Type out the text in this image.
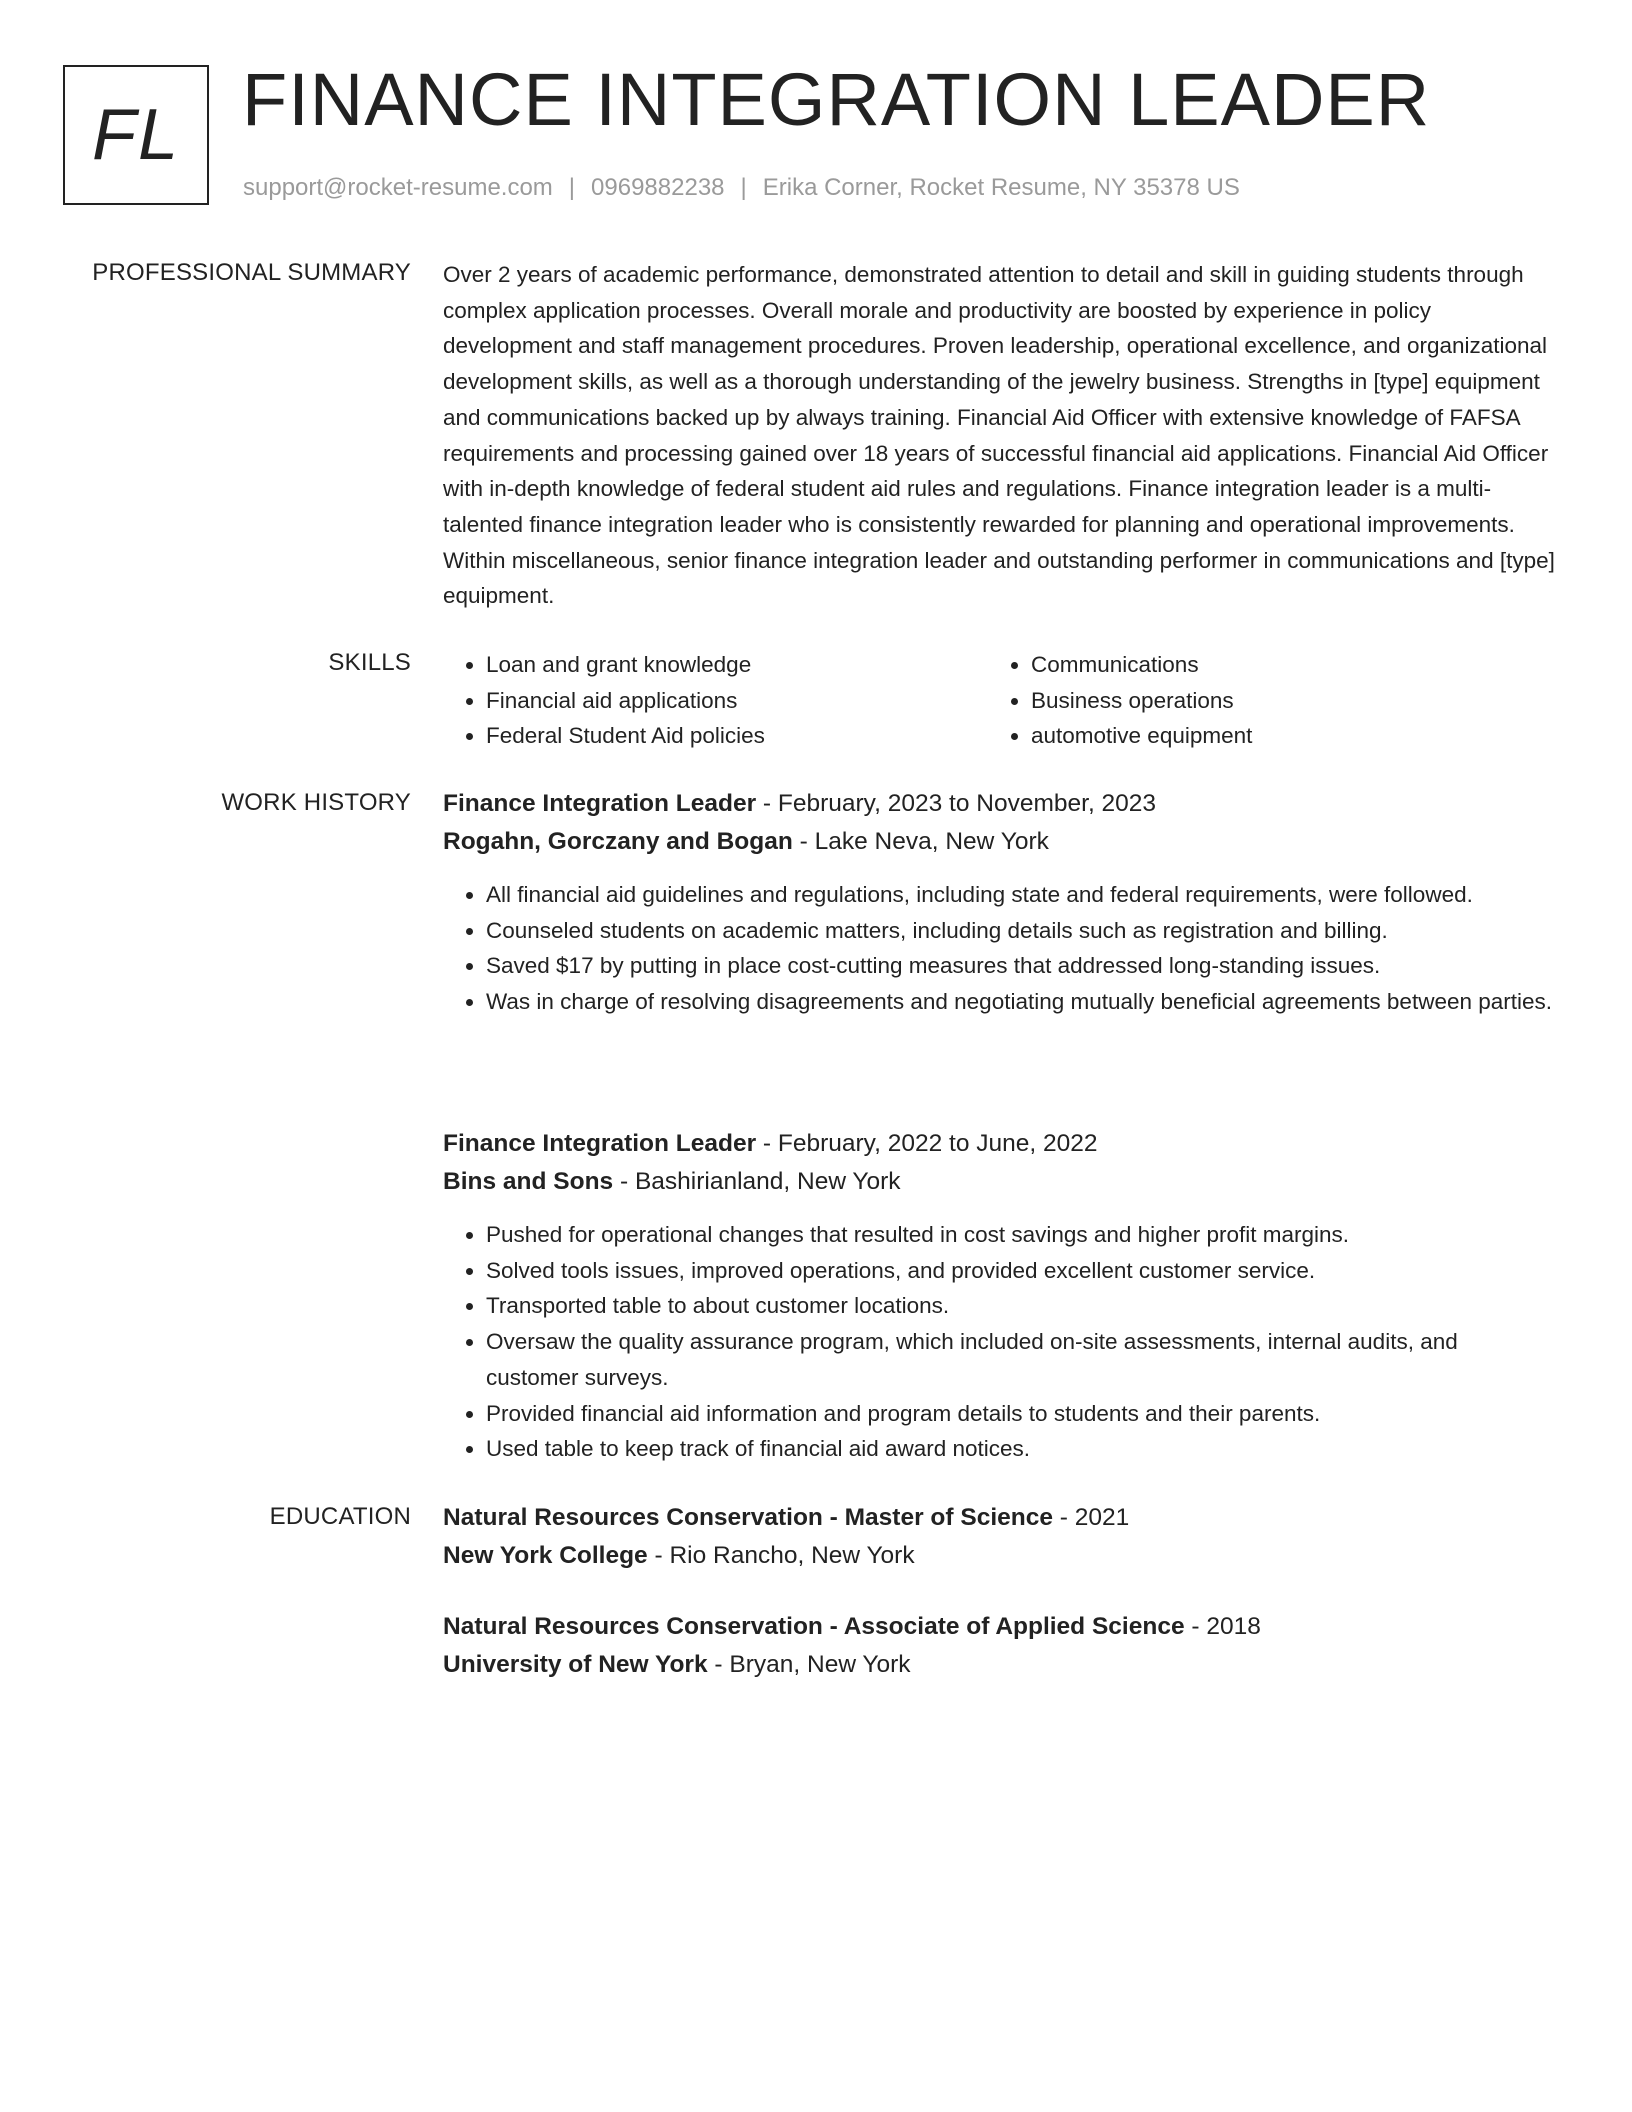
FL FINANCE INTEGRATION LEADER
support@rocket-resume.com | 0969882238 | Erika Corner, Rocket Resume, NY 35378 US
PROFESSIONAL SUMMARY Over 2 years of academic performance, demonstrated attention to detail and skill in guiding students through complex application processes. Overall morale and productivity are boosted by experience in policy development and staff management procedures. Proven leadership, operational excellence, and organizational development skills, as well as a thorough understanding of the jewelry business. Strengths in [type] equipment and communications backed up by always training. Financial Aid Officer with extensive knowledge of FAFSA requirements and processing gained over 18 years of successful financial aid applications. Financial Aid Officer with in-depth knowledge of federal student aid rules and regulations. Finance integration leader is a multi-talented finance integration leader who is consistently rewarded for planning and operational improvements. Within miscellaneous, senior finance integration leader and outstanding performer in communications and [type] equipment.

SKILLS
•	Loan and grant knowledge
• Financial aid applications
• Federal Student Aid policies
• Communications
• Business operations
• automotive equipment
WORK HISTORY Finance Integration Leader - February, 2023 to November, 2023
Rogahn, Gorczany and Bogan - Lake Neva, New York
• All financial aid guidelines and regulations, including state and federal requirements, were followed.
• Counseled students on academic matters, including details such as registration and billing.
• Saved $17 by putting in place cost-cutting measures that addressed long-standing issues.
• Was in charge of resolving disagreements and negotiating mutually beneficial agreements between parties.
Finance Integration Leader - February, 2022 to June, 2022
Bins and Sons - Bashirianland, New York
• Pushed for operational changes that resulted in cost savings and higher profit margins.
• Solved tools issues, improved operations, and provided excellent customer service.
• Transported table to about customer locations.
• Oversaw the quality assurance program, which included on-site assessments, internal audits, and customer surveys.
• Provided financial aid information and program details to students and their parents.
• Used table to keep track of financial aid award notices.
EDUCATION Natural Resources Conservation - Master of Science - 2021
New York College - Rio Rancho, New York
Natural Resources Conservation - Associate of Applied Science - 2018
University of New York - Bryan, New York
